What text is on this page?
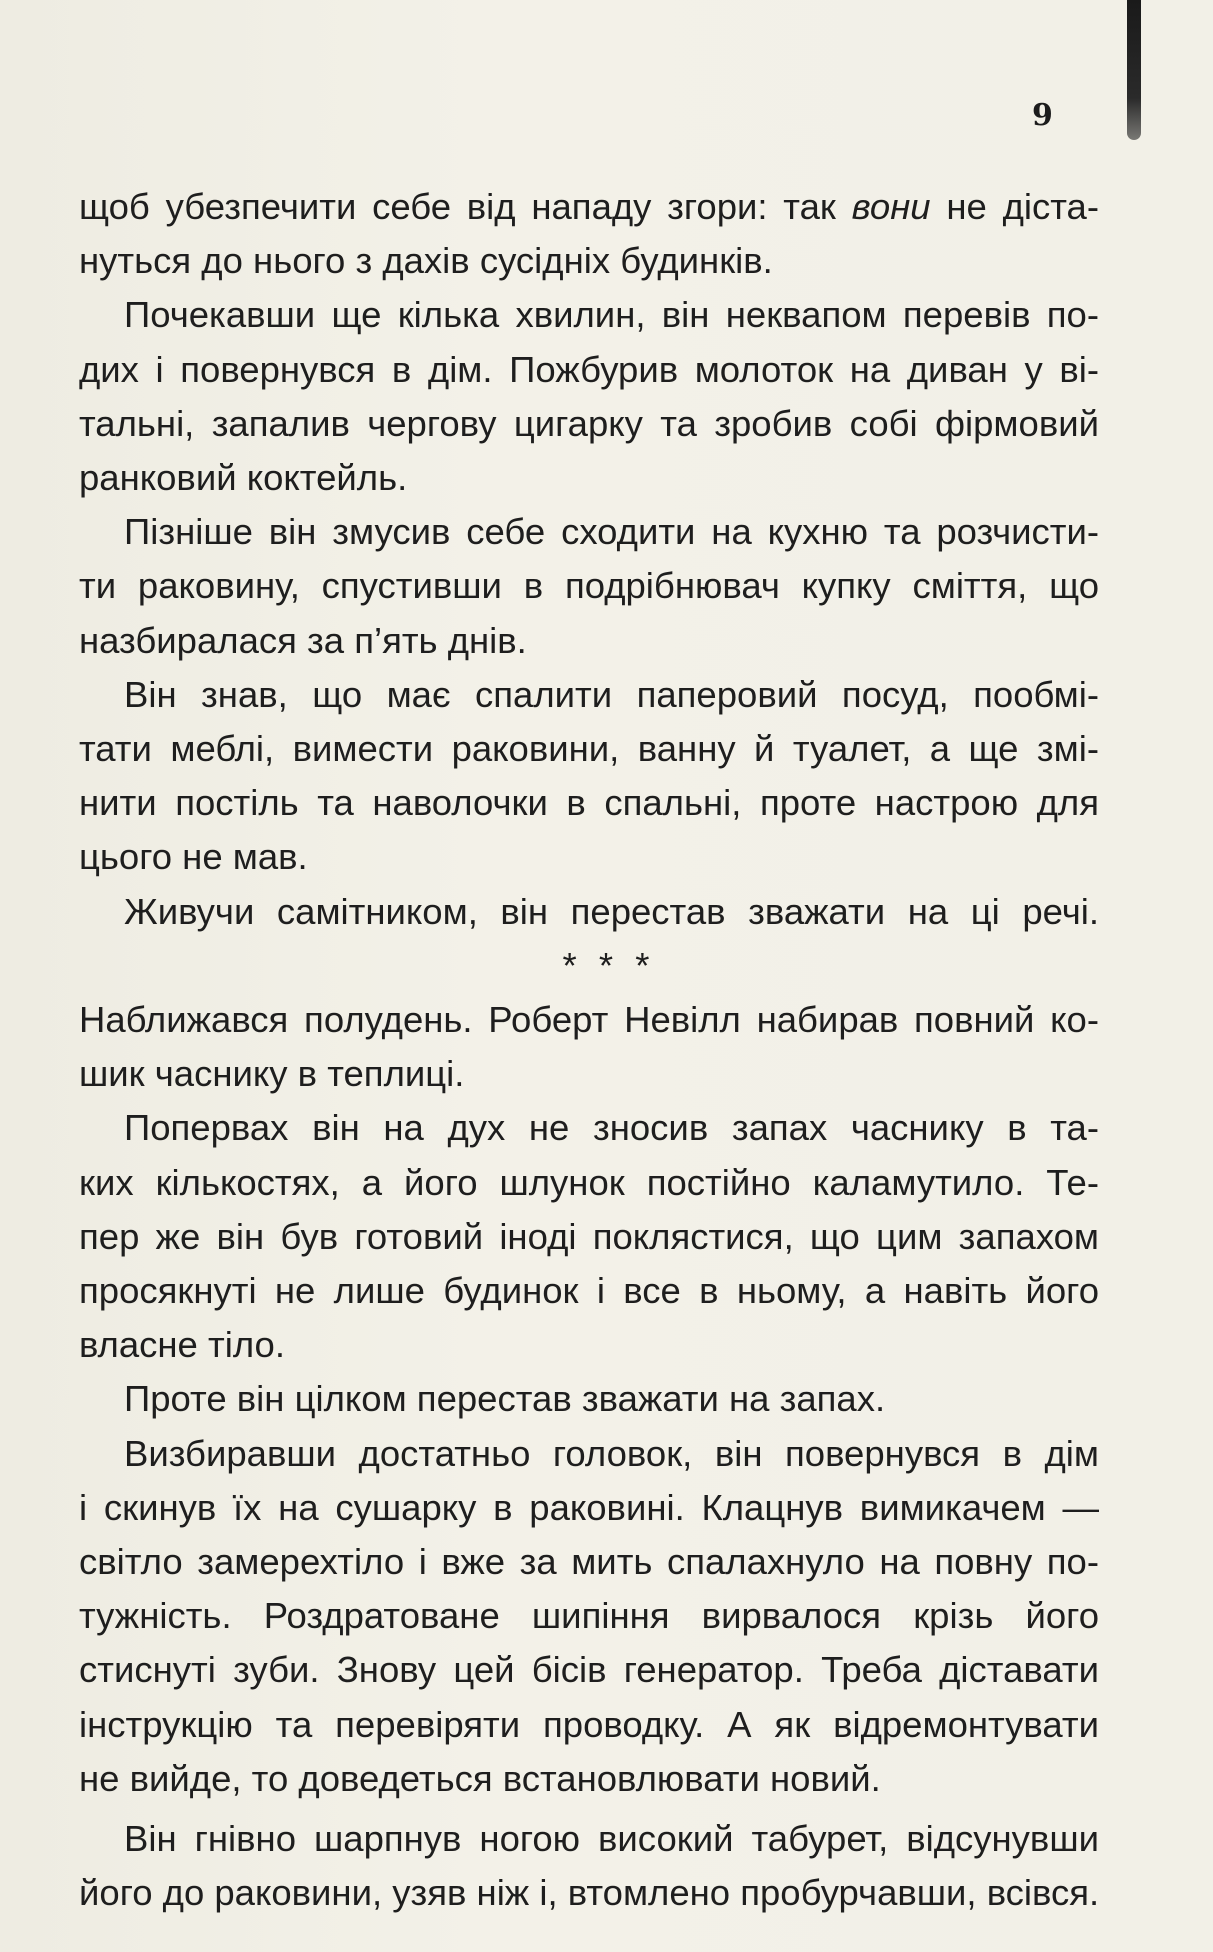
9

щоб убезпечити себе від нападу згори: так вони не діста-
нуться до нього з дахів сусідніх будинків.

Почекавши ще кілька хвилин, він неквапом перевів по-
дих і повернувся в дім. Пожбурив молоток на диван у ві-
тальні, запалив чергову цигарку та зробив собі фірмовий
ранковий коктейль.

Пізніше він змусив себе сходити на кухню та розчисти-
ти раковину, спустивши в подрібнювач купку сміття, що
назбиралася за п’ять днів.

Він знав, що має спалити паперовий посуд, пообмі-
тати меблі, вимести раковини, ванну й туалет, а ще змі-
нити постіль та наволочки в спальні, проте настрою для
цього не мав.

Живучи самітником, він перестав зважати на ці речі.

* * *

Наближався полудень. Роберт Невілл набирав повний ко-
шик часнику в теплиці.

Попервах він на дух не зносив запах часнику в та-
ких кількостях, а його шлунок постійно каламутило. Те-
пер же він був готовий іноді поклястися, що цим запахом
просякнуті не лише будинок і все в ньому, а навіть його
власне тіло.

Проте він цілком перестав зважати на запах.

Визбиравши достатньо головок, він повернувся в дім
і скинув їх на сушарку в раковині. Клацнув вимикачем —
світло замерехтіло і вже за мить спалахнуло на повну по-
тужність. Роздратоване шипіння вирвалося крізь його
стиснуті зуби. Знову цей бісів генератор. Треба діставати
інструкцію та перевіряти проводку. А як відремонтувати
не вийде, то доведеться встановлювати новий.

Він гнівно шарпнув ногою високий табурет, відсунувши
його до раковини, узяв ніж і, втомлено пробурчавши, всівся.
